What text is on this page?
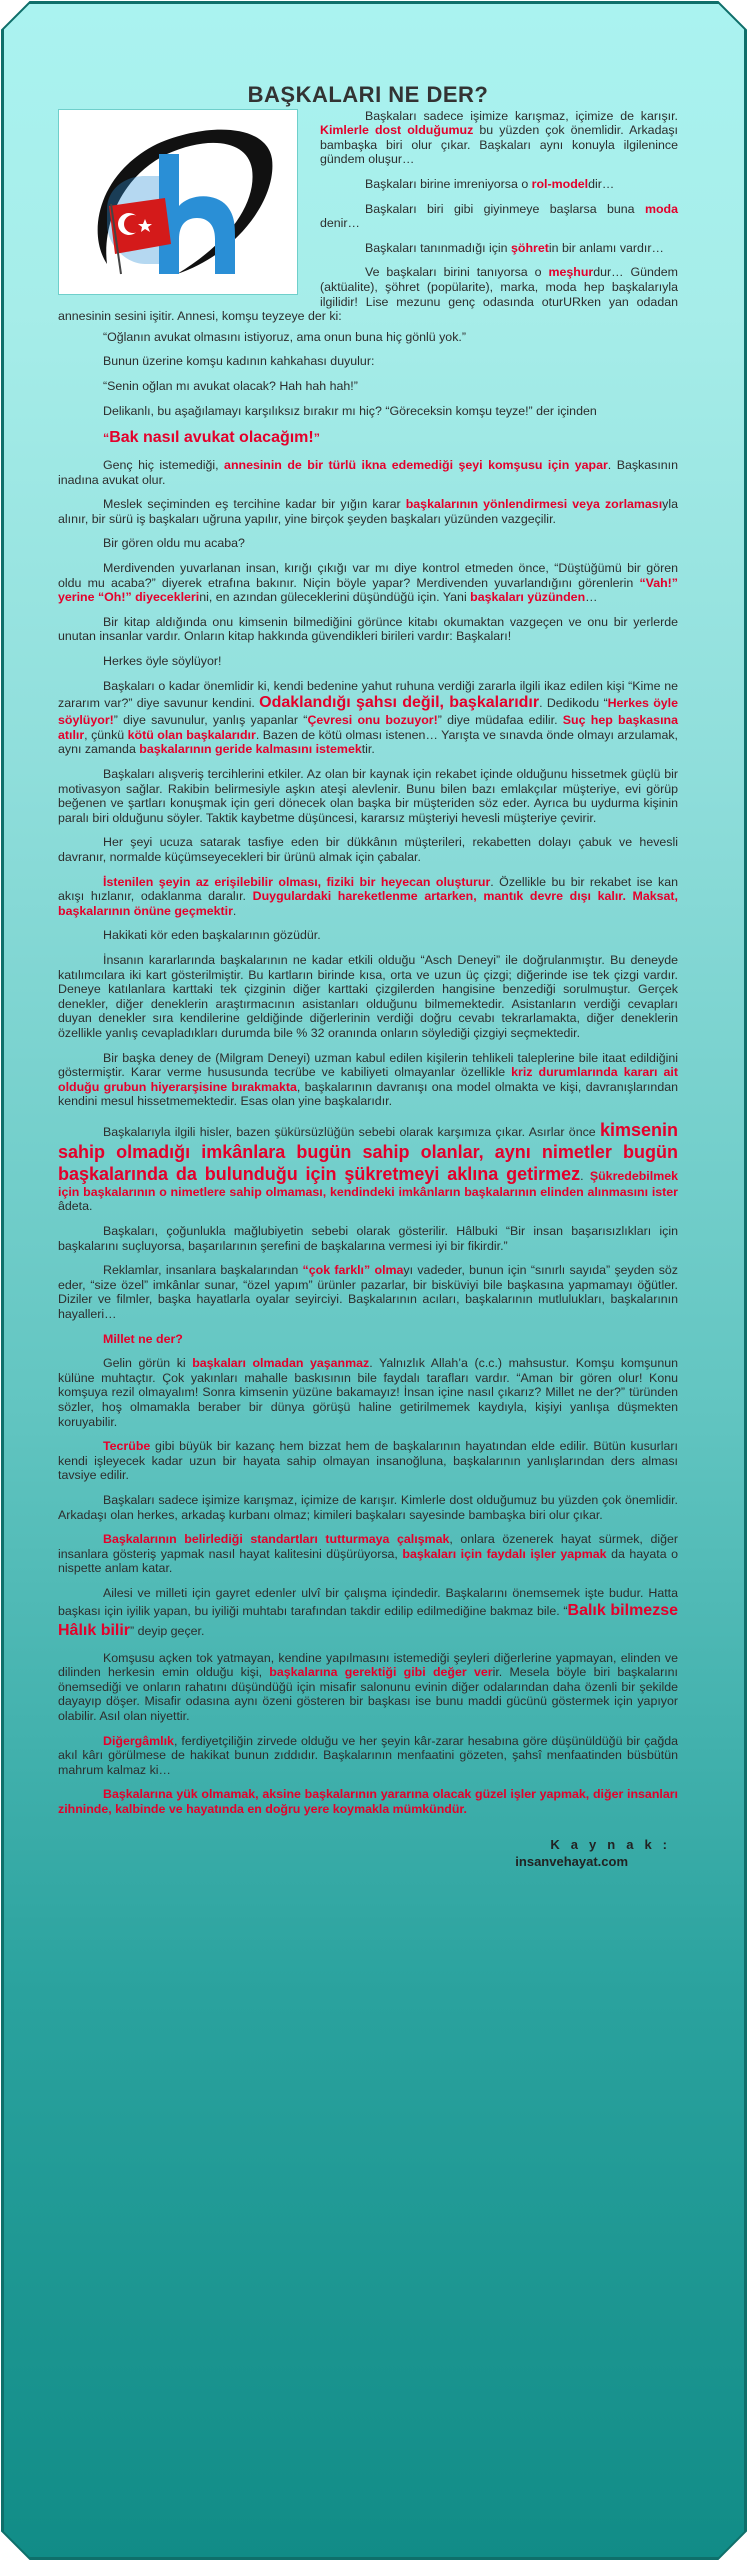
BAŞKALARI NE DER?

Başkaları sadece işimize karışmaz, içimize de karışır. Kimlerle dost olduğumuz bu yüzden çok önemlidir. Arkadaşı bambaşka biri olur çıkar. Başkaları aynı konuyla ilgilenince gündem oluşur…

Başkaları birine imreniyorsa o rol-modeldir…

Başkaları biri gibi giyinmeye başlarsa buna moda denir…

Başkaları tanınmadığı için şöhretin bir anlamı vardır…

Ve başkaları birini tanıyorsa o meşhurdur… Gündem (aktüalite), şöhret (popülarite), marka, moda hep başkalarıyla ilgilidir! Lise mezunu genç odasında oturURken yan odadan annesinin sesini işitir. Annesi, komşu teyzeye der ki:

“Oğlanın avukat olmasını istiyoruz, ama onun buna hiç gönlü yok.”

Bunun üzerine komşu kadının kahkahası duyulur:

“Senin oğlan mı avukat olacak? Hah hah hah!”

Delikanlı, bu aşağılamayı karşılıksız bırakır mı hiç? “Göreceksin komşu teyze!” der içinden

“Bak nasıl avukat olacağım!”

Genç hiç istemediği, annesinin de bir türlü ikna edemediği şeyi komşusu için yapar. Başkasının inadına avukat olur.

Meslek seçiminden eş tercihine kadar bir yığın karar başkalarının yönlendirmesi veya zorlamasıyla alınır, bir sürü iş başkaları uğruna yapılır, yine birçok şeyden başkaları yüzünden vazgeçilir.

Bir gören oldu mu acaba?

Merdivenden yuvarlanan insan, kırığı çıkığı var mı diye kontrol etmeden önce, “Düştüğümü bir gören oldu mu acaba?” diyerek etrafına bakınır. Niçin böyle yapar? Merdivenden yuvarlandığını görenlerin “Vah!” yerine “Oh!” diyeceklerini, en azından güleceklerini düşündüğü için. Yani başkaları yüzünden…

Bir kitap aldığında onu kimsenin bilmediğini görünce kitabı okumaktan vazgeçen ve onu bir yerlerde unutan insanlar vardır. Onların kitap hakkında güvendikleri birileri vardır: Başkaları!

Herkes öyle söylüyor!

Başkaları o kadar önemlidir ki, kendi bedenine yahut ruhuna verdiği zararla ilgili ikaz edilen kişi “Kime ne zararım var?” diye savunur kendini. Odaklandığı şahsı değil, başkalarıdır. Dedikodu “Herkes öyle söylüyor!” diye savunulur, yanlış yapanlar “Çevresi onu bozuyor!” diye müdafaa edilir. Suç hep başkasına atılır, çünkü kötü olan başkalarıdır. Bazen de kötü olması istenen… Yarışta ve sınavda önde olmayı arzulamak, aynı zamanda başkalarının geride kalmasını istemektir.

Başkaları alışveriş tercihlerini etkiler. Az olan bir kaynak için rekabet içinde olduğunu hissetmek güçlü bir motivasyon sağlar. Rakibin belirmesiyle aşkın ateşi alevlenir. Bunu bilen bazı emlakçılar müşteriye, evi görüp beğenen ve şartları konuşmak için geri dönecek olan başka bir müşteriden söz eder. Ayrıca bu uydurma kişinin paralı biri olduğunu söyler. Taktik kaybetme düşüncesi, kararsız müşteriyi hevesli müşteriye çevirir.

Her şeyi ucuza satarak tasfiye eden bir dükkânın müşterileri, rekabetten dolayı çabuk ve hevesli davranır, normalde küçümseyecekleri bir ürünü almak için çabalar.

İstenilen şeyin az erişilebilir olması, fiziki bir heyecan oluşturur. Özellikle bu bir rekabet ise kan akışı hızlanır, odaklanma daralır. Duygulardaki hareketlenme artarken, mantık devre dışı kalır. Maksat, başkalarının önüne geçmektir.

Hakikati kör eden başkalarının gözüdür.

İnsanın kararlarında başkalarının ne kadar etkili olduğu “Asch Deneyi” ile doğrulanmıştır. Bu deneyde katılımcılara iki kart gösterilmiştir. Bu kartların birinde kısa, orta ve uzun üç çizgi; diğerinde ise tek çizgi vardır. Deneye katılanlara karttaki tek çizginin diğer karttaki çizgilerden hangisine benzediği sorulmuştur. Gerçek denekler, diğer deneklerin araştırmacının asistanları olduğunu bilmemektedir. Asistanların verdiği cevapları duyan denekler sıra kendilerine geldiğinde diğerlerinin verdiği doğru cevabı tekrarlamakta, diğer deneklerin özellikle yanlış cevapladıkları durumda bile % 32 oranında onların söylediği çizgiyi seçmektedir.

Bir başka deney de (Milgram Deneyi) uzman kabul edilen kişilerin tehlikeli taleplerine bile itaat edildiğini göstermiştir. Karar verme hususunda tecrübe ve kabiliyeti olmayanlar özellikle kriz durumlarında kararı ait olduğu grubun hiyerarşisine bırakmakta, başkalarının davranışı ona model olmakta ve kişi, davranışlarından kendini mesul hissetmemektedir. Esas olan yine başkalarıdır.

Başkalarıyla ilgili hisler, bazen şükürsüzlüğün sebebi olarak karşımıza çıkar. Asırlar önce kimsenin sahip olmadığı imkânlara bugün sahip olanlar, aynı nimetler bugün başkalarında da bulunduğu için şükretmeyi aklına getirmez. Şükredebilmek için başkalarının o nimetlere sahip olmaması, kendindeki imkânların başkalarının elinden alınmasını ister âdeta.

Başkaları, çoğunlukla mağlubiyetin sebebi olarak gösterilir. Hâlbuki “Bir insan başarısızlıkları için başkalarını suçluyorsa, başarılarının şerefini de başkalarına vermesi iyi bir fikirdir.”

Reklamlar, insanlara başkalarından “çok farklı” olmayı vadeder, bunun için “sınırlı sayıda” şeyden söz eder, “size özel” imkânlar sunar, “özel yapım” ürünler pazarlar, bir bisküviyi bile başkasına yapmamayı öğütler. Diziler ve filmler, başka hayatlarla oyalar seyirciyi. Başkalarının acıları, başkalarının mutlulukları, başkalarının hayalleri…

Millet ne der?

Gelin görün ki başkaları olmadan yaşanmaz. Yalnızlık Allah’a (c.c.) mahsustur. Komşu komşunun külüne muhtaçtır. Çok yakınları mahalle baskısının bile faydalı tarafları vardır. “Aman bir gören olur! Konu komşuya rezil olmayalım! Sonra kimsenin yüzüne bakamayız! İnsan içine nasıl çıkarız? Millet ne der?” türünden sözler, hoş olmamakla beraber bir dünya görüşü haline getirilmemek kaydıyla, kişiyi yanlışa düşmekten koruyabilir.

Tecrübe gibi büyük bir kazanç hem bizzat hem de başkalarının hayatından elde edilir. Bütün kusurları kendi işleyecek kadar uzun bir hayata sahip olmayan insanoğluna, başkalarının yanlışlarından ders alması tavsiye edilir.

Başkaları sadece işimize karışmaz, içimize de karışır. Kimlerle dost olduğumuz bu yüzden çok önemlidir. Arkadaşı olan herkes, arkadaş kurbanı olmaz; kimileri başkaları sayesinde bambaşka biri olur çıkar.

Başkalarının belirlediği standartları tutturmaya çalışmak, onlara özenerek hayat sürmek, diğer insanlara gösteriş yapmak nasıl hayat kalitesini düşürüyorsa, başkaları için faydalı işler yapmak da hayata o nispette anlam katar.

Ailesi ve milleti için gayret edenler ulvî bir çalışma içindedir. Başkalarını önemsemek işte budur. Hatta başkası için iyilik yapan, bu iyiliği muhtabı tarafından takdir edilip edilmediğine bakmaz bile. “Balık bilmezse Hâlık bilir” deyip geçer.

Komşusu açken tok yatmayan, kendine yapılmasını istemediği şeyleri diğerlerine yapmayan, elinden ve dilinden herkesin emin olduğu kişi, başkalarına gerektiği gibi değer verir. Mesela böyle biri başkalarını önemsediği ve onların rahatını düşündüğü için misafir salonunu evinin diğer odalarından daha özenli bir şekilde dayayıp döşer. Misafir odasına aynı özeni gösteren bir başkası ise bunu maddi gücünü göstermek için yapıyor olabilir. Asıl olan niyettir.

Diğergâmlık, ferdiyetçiliğin zirvede olduğu ve her şeyin kâr-zarar hesabına göre düşünüldüğü bir çağda akıl kârı görülmese de hakikat bunun zıddıdır. Başkalarının menfaatini gözeten, şahsî menfaatinden büsbütün mahrum kalmaz ki…

Başkalarına yük olmamak, aksine başkalarının yararına olacak güzel işler yapmak, diğer insanları zihninde, kalbinde ve hayatında en doğru yere koymakla mümkündür.

Kaynak:
insanvehayat.com
